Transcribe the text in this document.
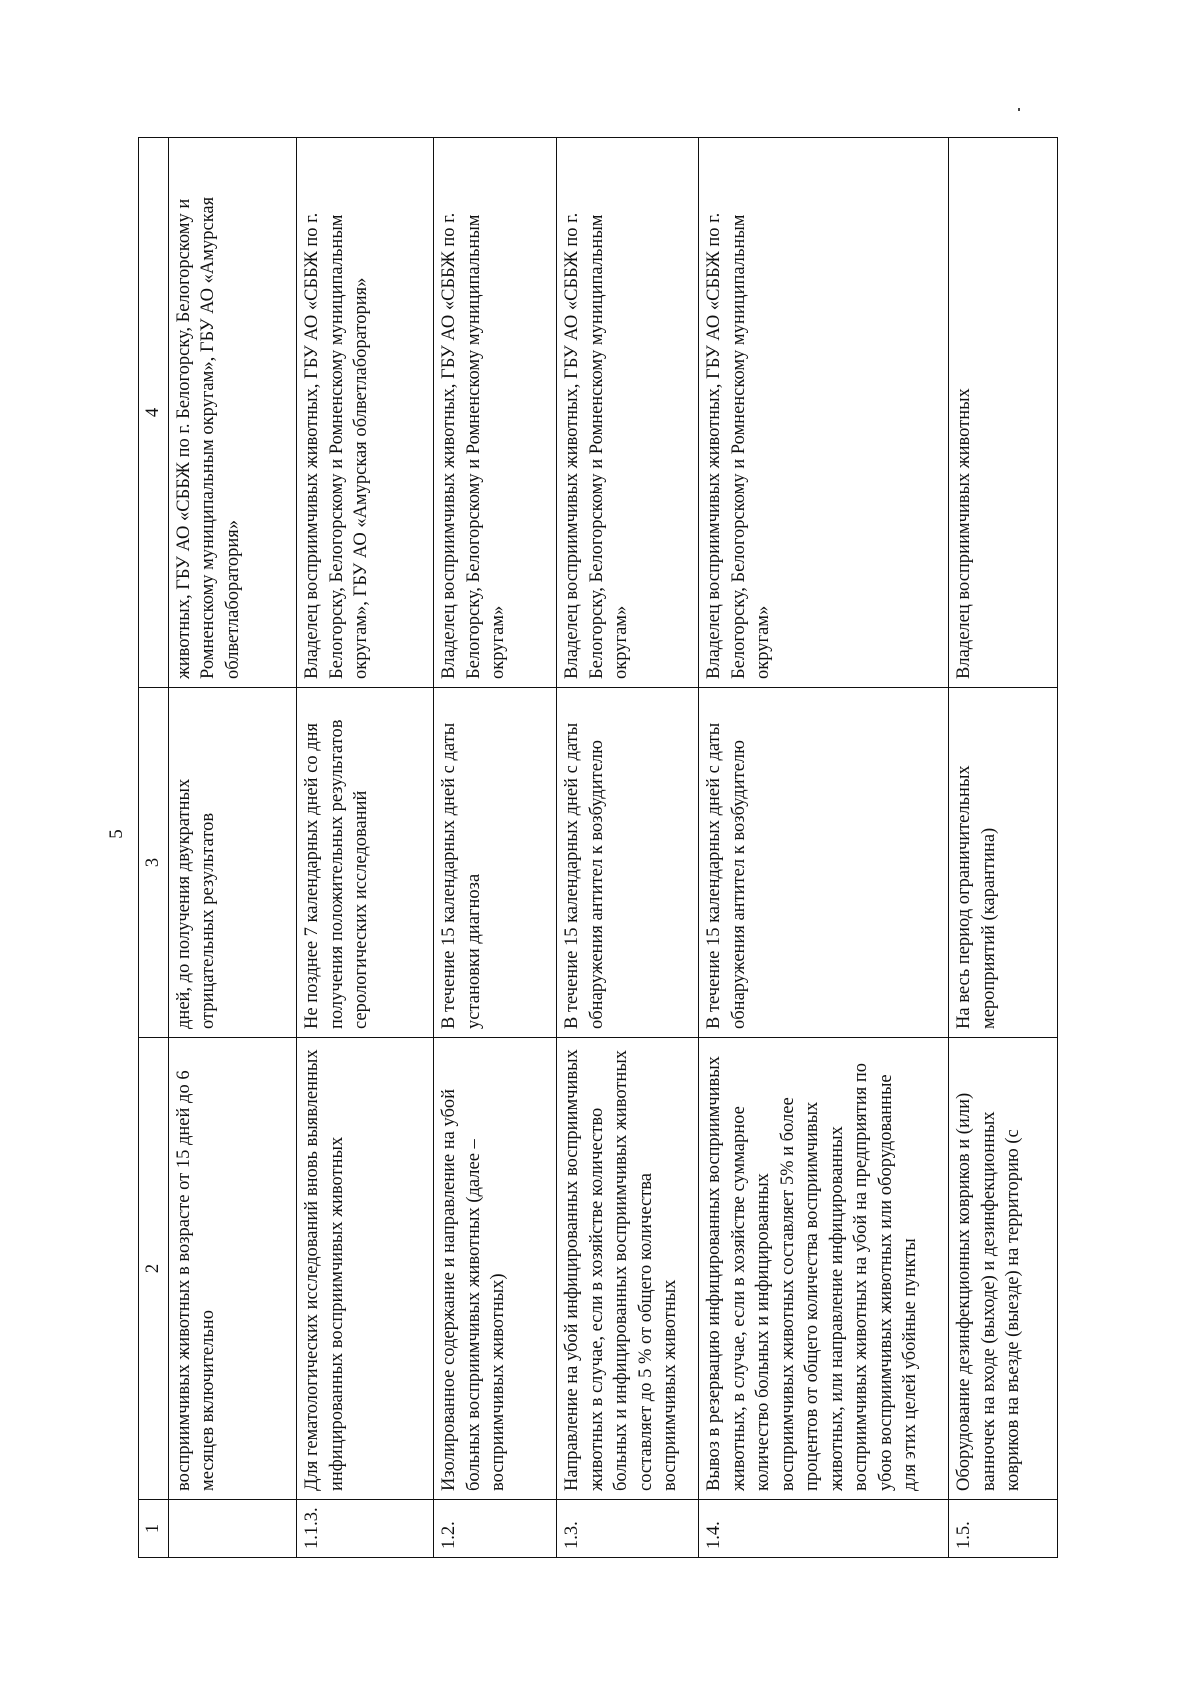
5
1	2	3	4
	восприимчивых животных в возрасте от 15 дней до 6 месяцев включительно	дней, до получения двукратных отрицательных результатов	животных, ГБУ АО «СББЖ по г. Белогорску, Белогорскому и Ромненскому муниципальным округам», ГБУ АО «Амурская облветлаборатория»
1.1.3.	Для гематологических исследований вновь выявленных инфицированных восприимчивых животных	Не позднее 7 календарных дней со дня получения положительных результатов серологических исследований	Владелец восприимчивых животных, ГБУ АО «СББЖ по г. Белогорску, Белогорскому и Ромненскому муниципальным округам», ГБУ АО «Амурская облветлаборатория»
1.2.	Изолированное содержание и направление на убой больных восприимчивых животных (далее – восприимчивых животных)	В течение 15 календарных дней с даты установки диагноза	Владелец восприимчивых животных, ГБУ АО «СББЖ по г. Белогорску, Белогорскому и Ромненскому муниципальным округам»
1.3.	Направление на убой инфицированных восприимчивых животных в случае, если в хозяйстве количество больных и инфицированных восприимчивых животных составляет до 5 % от общего количества восприимчивых животных	В течение 15 календарных дней с даты обнаружения антител к возбудителю	Владелец восприимчивых животных, ГБУ АО «СББЖ по г. Белогорску, Белогорскому и Ромненскому муниципальным округам»
1.4.	Вывоз в резервацию инфицированных восприимчивых животных, в случае, если в хозяйстве суммарное количество больных и инфицированных восприимчивых животных составляет 5% и более процентов от общего количества восприимчивых животных, или направление инфицированных восприимчивых животных на убой на предприятия по убою восприимчивых животных или оборудованные для этих целей убойные пункты	В течение 15 календарных дней с даты обнаружения антител к возбудителю	Владелец восприимчивых животных, ГБУ АО «СББЖ по г. Белогорску, Белогорскому и Ромненскому муниципальным округам»
1.5.	Оборудование дезинфекционных ковриков и (или) ванночек на входе (выходе) и дезинфекционных ковриков на въезде (выезде) на территорию (с	На весь период ограничительных мероприятий (карантина)	Владелец восприимчивых животных
